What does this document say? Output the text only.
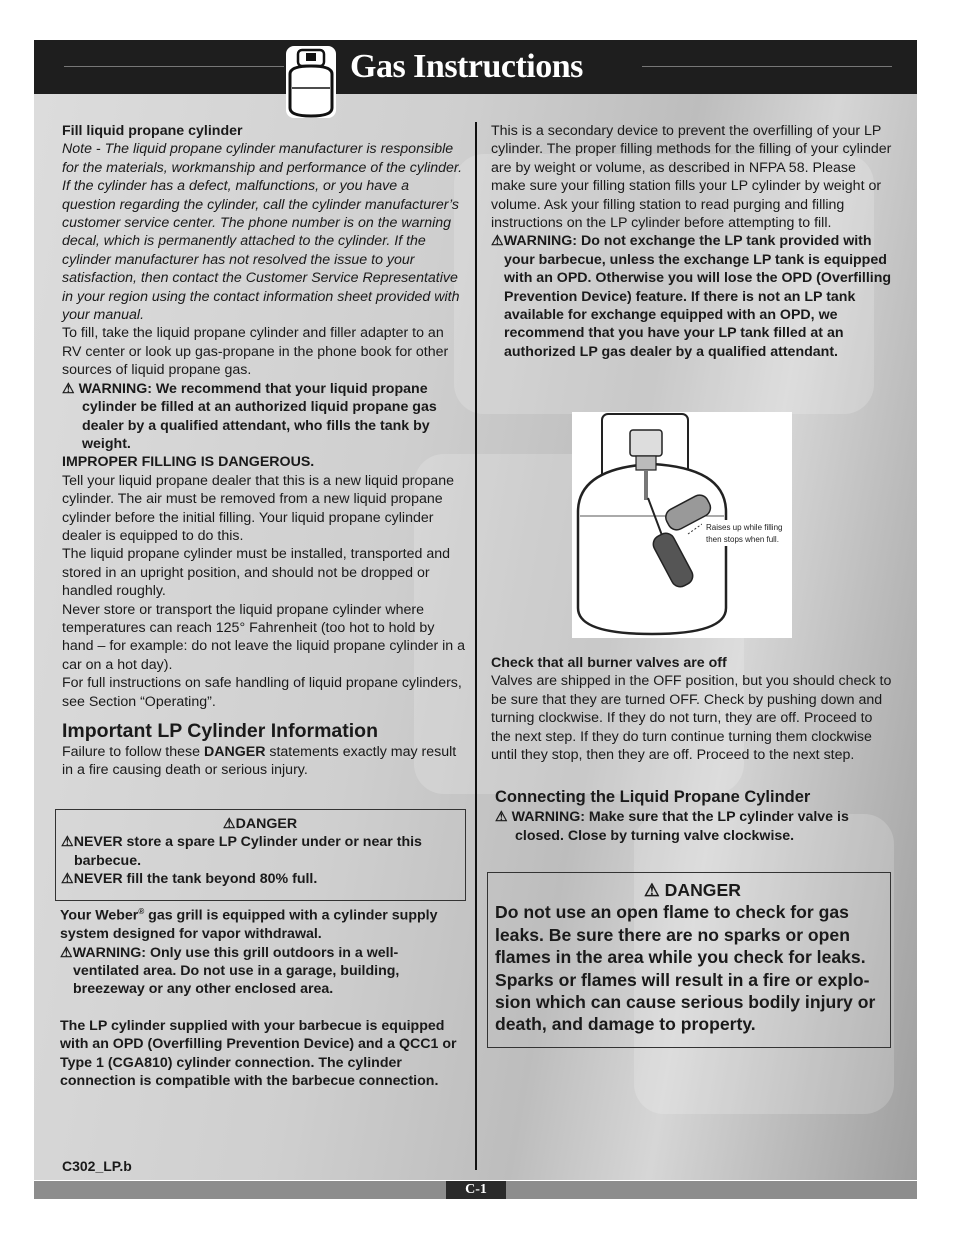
Gas Instructions

Fill liquid propane cylinder

Note - The liquid propane cylinder manufacturer is responsible for the materials, workmanship and performance of the cylinder. If the cylinder has a defect, malfunctions, or you have a question regarding the cylinder, call the cylinder manufacturer’s customer service center. The phone number is on the warning decal, which is permanently attached to the cylinder. If the cylinder manufacturer has not resolved the issue to your satisfaction, then contact the Customer Service Representative in your region using the contact information sheet provided with your manual.

To fill, take the liquid propane cylinder and filler adapter to an RV center or look up gas-propane in the phone book for other sources of liquid propane gas.

⚠ WARNING: We recommend that your liquid propane cylinder be filled at an authorized liquid propane gas dealer by a qualified attendant, who fills the tank by weight.

IMPROPER FILLING IS DANGEROUS.

Tell your liquid propane dealer that this is a new liquid propane cylinder. The air must be removed from a new liquid propane cylinder before the initial filling. Your liquid propane cylinder dealer is equipped to do this.

The liquid propane cylinder must be installed, transported and stored in an upright position, and should not be dropped or handled roughly.

Never store or transport the liquid propane cylinder where temperatures can reach 125° Fahrenheit (too hot to hold by hand – for example: do not leave the liquid propane cylinder in a car on a hot day).

For full instructions on safe handling of liquid propane cylinders, see Section “Operating”.

Important LP Cylinder Information

Failure to follow these DANGER statements exactly may result in a fire causing death or serious injury.

⚠DANGER

⚠NEVER store a spare LP Cylinder under or near this barbecue.

⚠NEVER fill the tank beyond 80% full.

Your Weber® gas grill is equipped with a cylinder supply system designed for vapor withdrawal.

⚠WARNING: Only use this grill outdoors in a well-ventilated area. Do not use in a garage, building, breezeway or any other enclosed area.

The LP cylinder supplied with your barbecue is equipped with an OPD (Overfilling Prevention Device) and a QCC1 or Type 1 (CGA810) cylinder connection. The cylinder connection is compatible with the barbecue connection.

This is a secondary device to prevent the overfilling of your LP cylinder. The proper filling methods for the filling of your cylinder are by weight or volume, as described in NFPA 58. Please make sure your filling station fills your LP cylinder by weight or volume. Ask your filling station to read purging and filling instructions on the LP cylinder before attempting to fill.

⚠WARNING: Do not exchange the LP tank provided with your barbecue, unless the exchange LP tank is equipped with an OPD. Otherwise you will lose the OPD (Overfilling Prevention Device) feature. If there is not an LP tank available for exchange equipped with an OPD, we recommend that you have your LP tank filled at an authorized LP gas dealer by a qualified attendant.

Raises up while filling
then stops when full.

Check that all burner valves are off

Valves are shipped in the OFF position, but you should check to be sure that they are turned OFF. Check by pushing down and turning clockwise. If they do not turn, they are off. Proceed to the next step. If they do turn continue turning them clockwise until they stop, then they are off. Proceed to the next step.

Connecting the Liquid Propane Cylinder

⚠ WARNING: Make sure that the LP cylinder valve is closed. Close by turning valve clockwise.

⚠ DANGER

Do not use an open flame to check for gas leaks. Be sure there are no sparks or open flames in the area while you check for leaks. Sparks or flames will result in a fire or explo-sion which can cause serious bodily injury or death, and damage to property.

C302_LP.b
C-1
